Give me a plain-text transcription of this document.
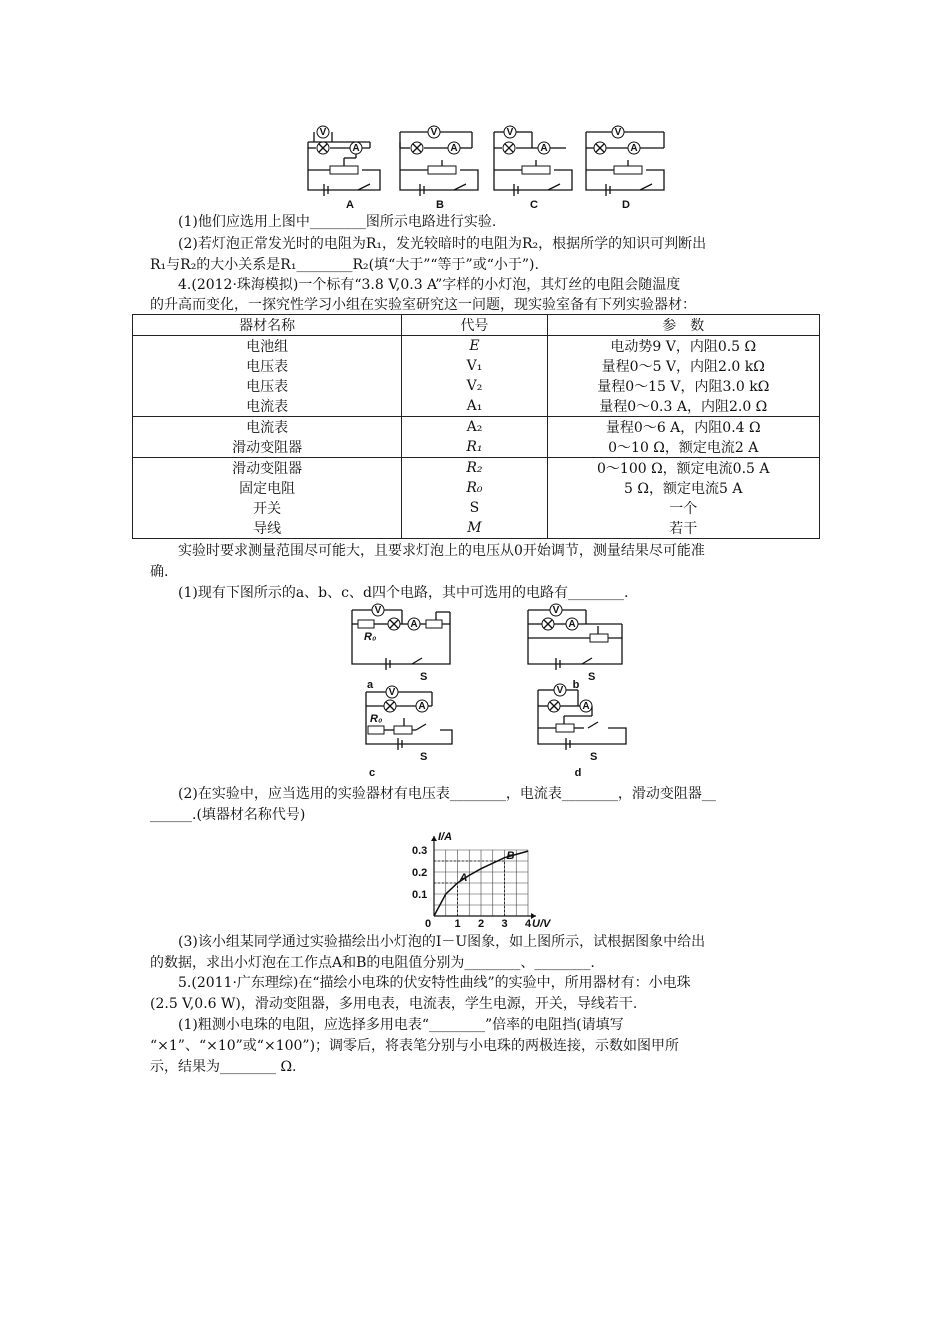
V
A
V
A
V
A
V
A
A	B	C	D
(1)他们应选用上图中________图所示电路进行实验.
(2)若灯泡正常发光时的电阻为R₁，发光较暗时的电阻为R₂，根据所学的知识可判断出
R₁与R₂的大小关系是R₁________R₂(填“大于”“等于”或“小于”).
4.(2012·珠海模拟)一个标有“3.8 V,0.3 A”字样的小灯泡，其灯丝的电阻会随温度
的升高而变化，一探究性学习小组在实验室研究这一问题，现实验室备有下列实验器材：
器材名称	代号	参　数
电池组	E	电动势9 V，内阻0.5 Ω
电压表	V₁	量程0～5 V，内阻2.0 kΩ
电压表	V₂	量程0～15 V，内阻3.0 kΩ
电流表	A₁	量程0～0.3 A，内阻2.0 Ω
电流表	A₂	量程0～6 A，内阻0.4 Ω
滑动变阻器	R₁	0～10 Ω，额定电流2 A
滑动变阻器	R₂	0～100 Ω，额定电流0.5 A
固定电阻	R₀	5 Ω，额定电流5 A
开关	S	一个
导线	M	若干
实验时要求测量范围尽可能大，且要求灯泡上的电压从0开始调节，测量结果尽可能准
确.
(1)现有下图所示的a、b、c、d四个电路，其中可选用的电路有________.
A
V
R₀
S
V
A
S
V
A
R₀
S
V
A
S
a	b
c	d
(2)在实验中，应当选用的实验器材有电压表________，电流表________，滑动变阻器__
______.(填器材名称代号)
A
B
1 2 3 4
0.1
0.2
0.3
0	U/V
I/A
(3)该小组某同学通过实验描绘出小灯泡的I－U图象，如上图所示，试根据图象中给出
的数据，求出小灯泡在工作点A和B的电阻值分别为________、________.
5.(2011·广东理综)在“描绘小电珠的伏安特性曲线”的实验中，所用器材有：小电珠
(2.5 V,0.6 W)，滑动变阻器，多用电表，电流表，学生电源，开关，导线若干.
(1)粗测小电珠的电阻，应选择多用电表“________”倍率的电阻挡(请填写
“×1”、“×10”或“×100”)；调零后，将表笔分别与小电珠的两极连接，示数如图甲所
示，结果为________ Ω.
